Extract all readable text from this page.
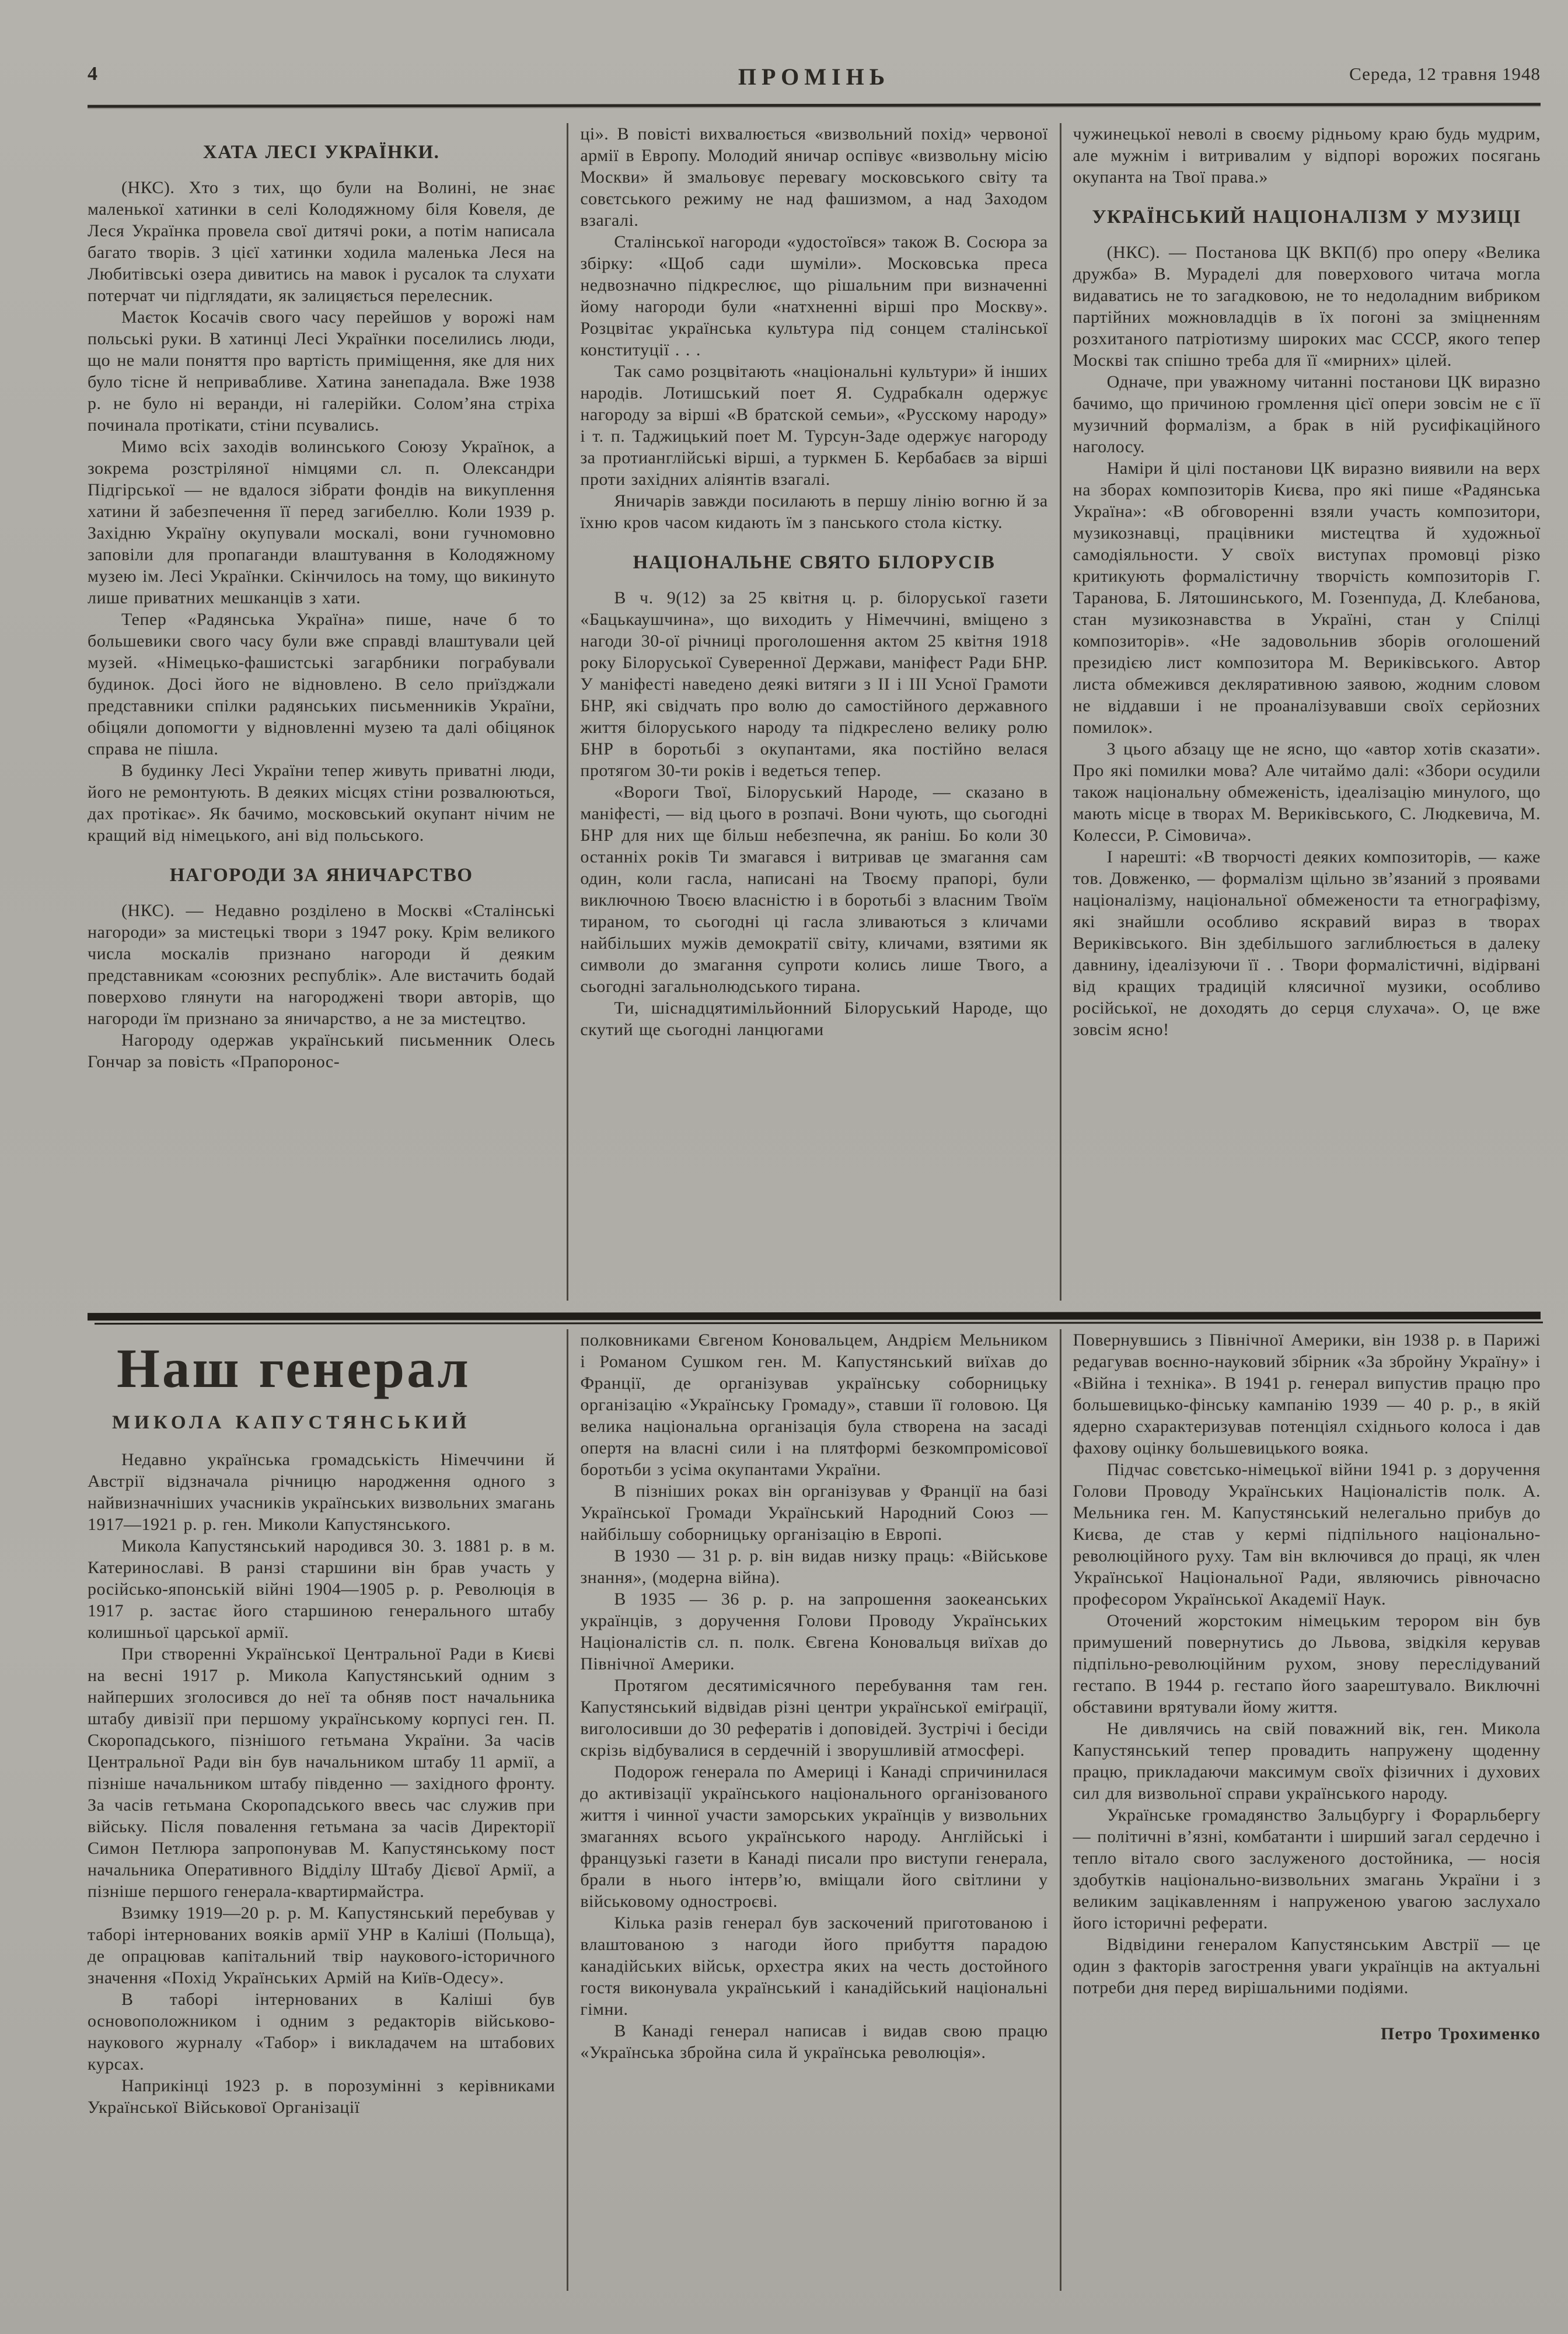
4	ПРОМІНЬ	Середа, 12 травня 1948

ХАТА ЛЕСІ УКРАЇНКИ.

(НКС). Хто з тих, що були на Волині, не знає маленької хатинки в селі Колодяжному біля Ковеля, де Леся Українка провела свої дитячі роки, а потім написала багато творів. З цієї хатинки ходила маленька Леся на Любитівські озера дивитись на мавок і русалок та слухати потерчат чи підглядати, як залицяється перелесник.

Маєток Косачів свого часу перейшов у ворожі нам польські руки. В хатинці Лесі Українки поселились люди, що не мали поняття про вартість приміщення, яке для них було тісне й непривабливе. Хатина занепадала. Вже 1938 р. не було ні веранди, ні галерійки. Солом’яна стріха починала протікати, стіни псувались.

Мимо всіх заходів волинського Союзу Українок, а зокрема розстріляної німцями сл. п. Олександри Підгірської — не вдалося зібрати фондів на викуплення хатини й забезпечення її перед загибеллю. Коли 1939 р. Західню Україну окупували москалі, вони гучномовно заповіли для пропаганди влаштування в Колодяжному музею ім. Лесі Українки. Скінчилось на тому, що викинуто лише приватних мешканців з хати.

Тепер «Радянська Україна» пише, наче б то большевики свого часу були вже справді влаштували цей музей. «Німецько-фашистські загарбники пограбували будинок. Досі його не відновлено. В село приїзджали представники спілки радянських письменників України, обіцяли допомогти у відновленні музею та далі обіцянок справа не пішла.

В будинку Лесі України тепер живуть приватні люди, його не ремонтують. В деяких місцях стіни розвалюються, дах протікає». Як бачимо, московський окупант нічим не кращий від німецького, ані від польського.

НАГОРОДИ ЗА ЯНИЧАРСТВО

(НКС). — Недавно розділено в Москві «Сталінські нагороди» за мистецькі твори з 1947 року. Крім великого числа москалів признано нагороди й деяким представникам «союзних республік». Але вистачить бодай поверхово глянути на нагороджені твори авторів, що нагороди їм признано за яничарство, а не за мистецтво.

Нагороду одержав український письменник Олесь Гончар за повість «Прапоронос-

ці». В повісті вихвалюється «визвольний похід» червоної армії в Европу. Молодий яничар оспівує «визвольну місію Москви» й змальовує перевагу московського світу та совєтського режиму не над фашизмом, а над Заходом взагалі.

Сталінської нагороди «удостоївся» також В. Сосюра за збірку: «Щоб сади шуміли». Московська преса недвозначно підкреслює, що рішальним при визначенні йому нагороди були «натхненні вірші про Москву». Розцвітає українська культура під сонцем сталінської конституції . . .

Так само розцвітають «національні культури» й інших народів. Лотишський поет Я. Судрабкалн одержує нагороду за вірші «В братской семьи», «Русскому народу» і т. п. Таджицький поет М. Турсун-Заде одержує нагороду за протианглійські вірші, а туркмен Б. Кербабаєв за вірші проти західних аліянтів взагалі.

Яничарів завжди посилають в першу лінію вогню й за їхню кров часом кидають їм з панського стола кістку.

НАЦІОНАЛЬНЕ СВЯТО БІЛОРУСІВ

В ч. 9(12) за 25 квітня ц. р. білоруської газети «Бацькаушчина», що виходить у Німеччині, вміщено з нагоди 30-ої річниці проголошення актом 25 квітня 1918 року Білоруської Суверенної Держави, маніфест Ради БНР. У маніфесті наведено деякі витяги з II і III Усної Грамоти БНР, які свідчать про волю до самостійного державного життя білоруського народу та підкреслено велику ролю БНР в боротьбі з окупантами, яка постійно велася протягом 30-ти років і ведеться тепер.

«Вороги Твої, Білоруський Народе, — сказано в маніфесті, — від цього в розпачі. Вони чують, що сьогодні БНР для них ще більш небезпечна, як раніш. Бо коли 30 останніх років Ти змагався і витривав це змагання сам один, коли гасла, написані на Твоєму прапорі, були виключною Твоєю власністю і в боротьбі з власним Твоїм тираном, то сьогодні ці гасла зливаються з кличами найбільших мужів демократії світу, кличами, взятими як символи до змагання супроти колись лише Твого, а сьогодні загальнолюдського тирана.

Ти, шіснадцятимільйонний Білоруський Народе, що скутий ще сьогодні ланцюгами

чужинецької неволі в своєму рідньому краю будь мудрим, але мужнім і витривалим у відпорі ворожих посягань окупанта на Твої права.»

УКРАЇНСЬКИЙ НАЦІОНАЛІЗМ У МУЗИЦІ

(НКС). — Постанова ЦК ВКП(б) про оперу «Велика дружба» В. Мураделі для поверхового читача могла видаватись не то загадковою, не то недоладним вибриком партійних можновладців в їх погоні за зміцненням розхитаного патріотизму широких мас СССР, якого тепер Москві так спішно треба для її «мирних» цілей.

Одначе, при уважному читанні постанови ЦК виразно бачимо, що причиною громлення цієї опери зовсім не є її музичний формалізм, а брак в ній русифікаційного наголосу.

Наміри й цілі постанови ЦК виразно виявили на верх на зборах композиторів Києва, про які пише «Радянська Україна»: «В обговоренні взяли участь композитори, музикознавці, працівники мистецтва й художньої самодіяльности. У своїх виступах промовці різко критикують формалістичну творчість композиторів Г. Таранова, Б. Лятошинського, М. Гозенпуда, Д. Клебанова, стан музикознавства в Україні, стан у Спілці композиторів». «Не задовольнив зборів оголошений президією лист композитора М. Вериківського. Автор листа обмежився декляративною заявою, жодним словом не віддавши і не проаналізувавши своїх серйозних помилок».

З цього абзацу ще не ясно, що «автор хотів сказати». Про які помилки мова? Але читаймо далі: «Збори осудили також національну обмеженість, ідеалізацію минулого, що мають місце в творах М. Вериківського, С. Людкевича, М. Колесси, Р. Сімовича».

І нарешті: «В творчості деяких композиторів, — каже тов. Довженко, — формалізм щільно зв’язаний з проявами націоналізму, національної обмежености та етнографізму, які знайшли особливо яскравий вираз в творах Вериківського. Він здебільшого заглиблюється в далеку давнину, ідеалізуючи її . . Твори формалістичні, відірвані від кращих традицій клясичної музики, особливо російської, не доходять до серця слухача». О, це вже зовсім ясно!

Наш генерал
МИКОЛА КАПУСТЯНСЬКИЙ

Недавно українська громадськість Німеччини й Австрії відзначала річницю народження одного з найвизначніших учасників українських визвольних змагань 1917—1921 р. р. ген. Миколи Капустянського.

Микола Капустянський народився 30. 3. 1881 р. в м. Катеринославі. В ранзі старшини він брав участь у російсько-японській війні 1904—1905 р. р. Революція в 1917 р. застає його старшиною генерального штабу колишньої царської армії.

При створенні Української Центральної Ради в Києві на весні 1917 р. Микола Капустянський одним з найперших зголосився до неї та обняв пост начальника штабу дивізії при першому українському корпусі ген. П. Скоропадського, пізнішого гетьмана України. За часів Центральної Ради він був начальником штабу 11 армії, а пізніше начальником штабу південно — західного фронту. За часів гетьмана Скоропадського ввесь час служив при війську. Після повалення гетьмана за часів Директорії Симон Петлюра запропонував М. Капустянському пост начальника Оперативного Відділу Штабу Дієвої Армії, а пізніше першого генерала-квартирмайстра.

Взимку 1919—20 р. р. М. Капустянський перебував у таборі інтернованих вояків армії УНР в Каліші (Польща), де опрацював капітальний твір наукового-історичного значення «Похід Українських Армій на Київ-Одесу».

В таборі інтернованих в Каліші був основоположником і одним з редакторів військово-наукового журналу «Табор» і викладачем на штабових курсах.

Наприкінці 1923 р. в порозумінні з керівниками Української Військової Організації

полковниками Євгеном Коновальцем, Андрієм Мельником і Романом Сушком ген. М. Капустянський виїхав до Франції, де організував українську соборницьку організацію «Українську Громаду», ставши її головою. Ця велика національна організація була створена на засаді опертя на власні сили і на плятформі безкомпромісової боротьби з усіма окупантами України.

В пізніших роках він організував у Франції на базі Української Громади Український Народний Союз — найбільшу соборницьку організацію в Европі.

В 1930 — 31 р. р. він видав низку праць: «Військове знання», (модерна війна).

В 1935 — 36 р. р. на запрошення заокеанських українців, з доручення Голови Проводу Українських Націоналістів сл. п. полк. Євгена Коновальця виїхав до Північної Америки.

Протягом десятимісячного перебування там ген. Капустянський відвідав різні центри української еміґрації, виголосивши до 30 рефератів і доповідей. Зустрічі і бесіди скрізь відбувалися в сердечній і зворушливій атмосфері.

Подорож генерала по Америці і Канаді спричинилася до активізації українського національного організованого життя і чинної участи заморських українців у визвольних змаганнях всього українського народу. Англійські і французькі газети в Канаді писали про виступи генерала, брали в нього інтерв’ю, вміщали його світлини у військовому одностроєві.

Кілька разів генерал був заскочений приготованою і влаштованою з нагоди його прибуття парадою канадійських військ, орхестра яких на честь достойного гостя виконувала український і канадійський національні гімни.

В Канаді генерал написав і видав свою працю «Українська збройна сила й українська революція».

Повернувшись з Північної Америки, він 1938 р. в Парижі редагував воєнно-науковий збірник «За збройну Україну» і «Війна і техніка». В 1941 р. генерал випустив працю про большевицько-фінську кампанію 1939 — 40 р. р., в якій ядерно схарактеризував потенціял східнього колоса і дав фахову оцінку большевицького вояка.

Підчас совєтсько-німецької війни 1941 р. з доручення Голови Проводу Українських Націоналістів полк. А. Мельника ген. М. Капустянський нелегально прибув до Києва, де став у кермі підпільного національно-революційного руху. Там він включився до праці, як член Української Національної Ради, являючись рівночасно професором Української Академії Наук.

Оточений жорстоким німецьким терором він був примушений повернутись до Львова, звідкіля керував підпільно-революційним рухом, знову переслідуваний гестапо. В 1944 р. гестапо його заарештувало. Виключні обставини врятували йому життя.

Не дивлячись на свій поважний вік, ген. Микола Капустянський тепер провадить напружену щоденну працю, прикладаючи максимум своїх фізичних і духових сил для визвольної справи українського народу.

Українське громадянство Зальцбургу і Форарльбергу — політичні в’язні, комбатанти і ширший загал сердечно і тепло вітало свого заслуженого достойника, — носія здобутків національно-визвольних змагань України і з великим зацікавленням і напруженою увагою заслухало його історичні реферати.

Відвідини генералом Капустянським Австрії — це один з факторів загострення уваги українців на актуальні потреби дня перед вирішальними подіями.

Петро Трохименко
